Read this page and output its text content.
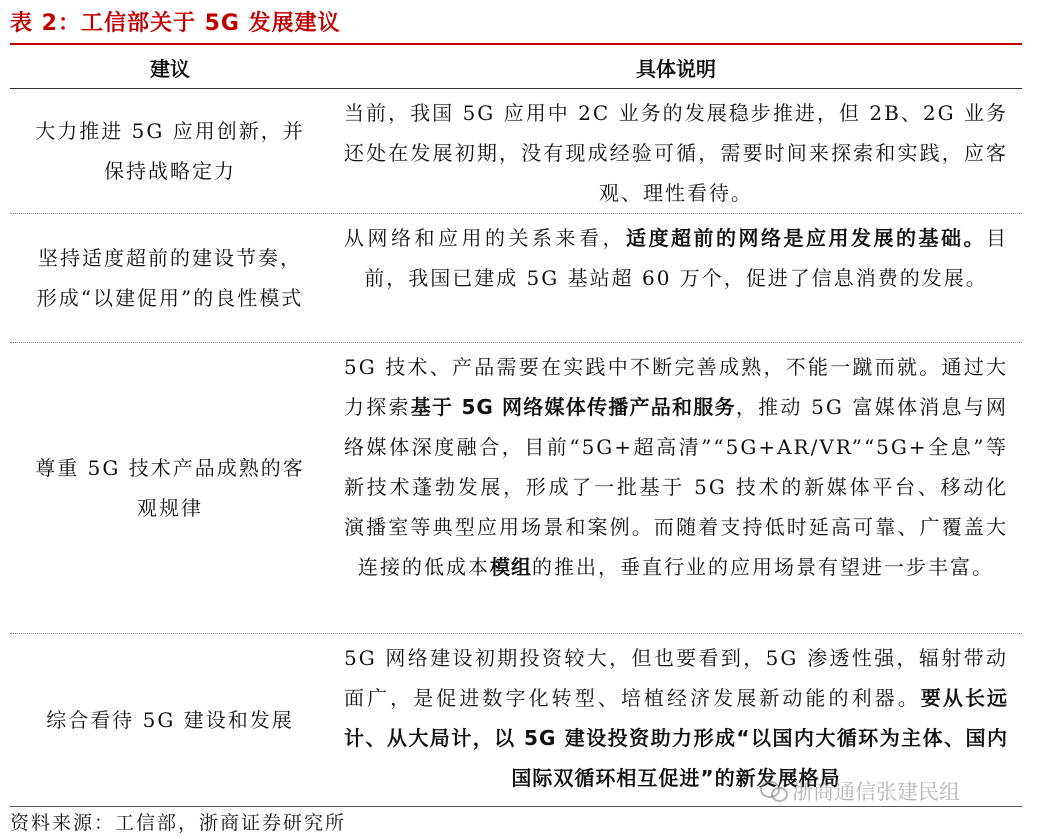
表 2：工信部关于 5G 发展建议
建议	具体说明
大力推进 5G 应用创新，并保持战略定力

当前，我国 5G 应用中 2C 业务的发展稳步推进，但 2B、2G 业务还处在发展初期，没有现成经验可循，需要时间来探索和实践，应客观、理性看待。

坚持适度超前的建设节奏，形成“以建促用”的良性模式

从网络和应用的关系来看，适度超前的网络是应用发展的基础。目前，我国已建成 5G 基站超 60 万个，促进了信息消费的发展。

尊重 5G 技术产品成熟的客观规律

5G 技术、产品需要在实践中不断完善成熟，不能一蹴而就。通过大力探索基于 5G 网络媒体传播产品和服务，推动 5G 富媒体消息与网络媒体深度融合，目前“5G+超高清”“5G+AR/VR”“5G+全息”等新技术蓬勃发展，形成了一批基于 5G 技术的新媒体平台、移动化演播室等典型应用场景和案例。而随着支持低时延高可靠、广覆盖大连接的低成本模组的推出，垂直行业的应用场景有望进一步丰富。

综合看待 5G 建设和发展

5G 网络建设初期投资较大，但也要看到，5G 渗透性强，辐射带动面广，是促进数字化转型、培植经济发展新动能的利器。要从长远计、从大局计，以 5G 建设投资助力形成“以国内大循环为主体、国内国际双循环相互促进”的新发展格局

资料来源：工信部，浙商证券研究所
浙商通信张建民组
